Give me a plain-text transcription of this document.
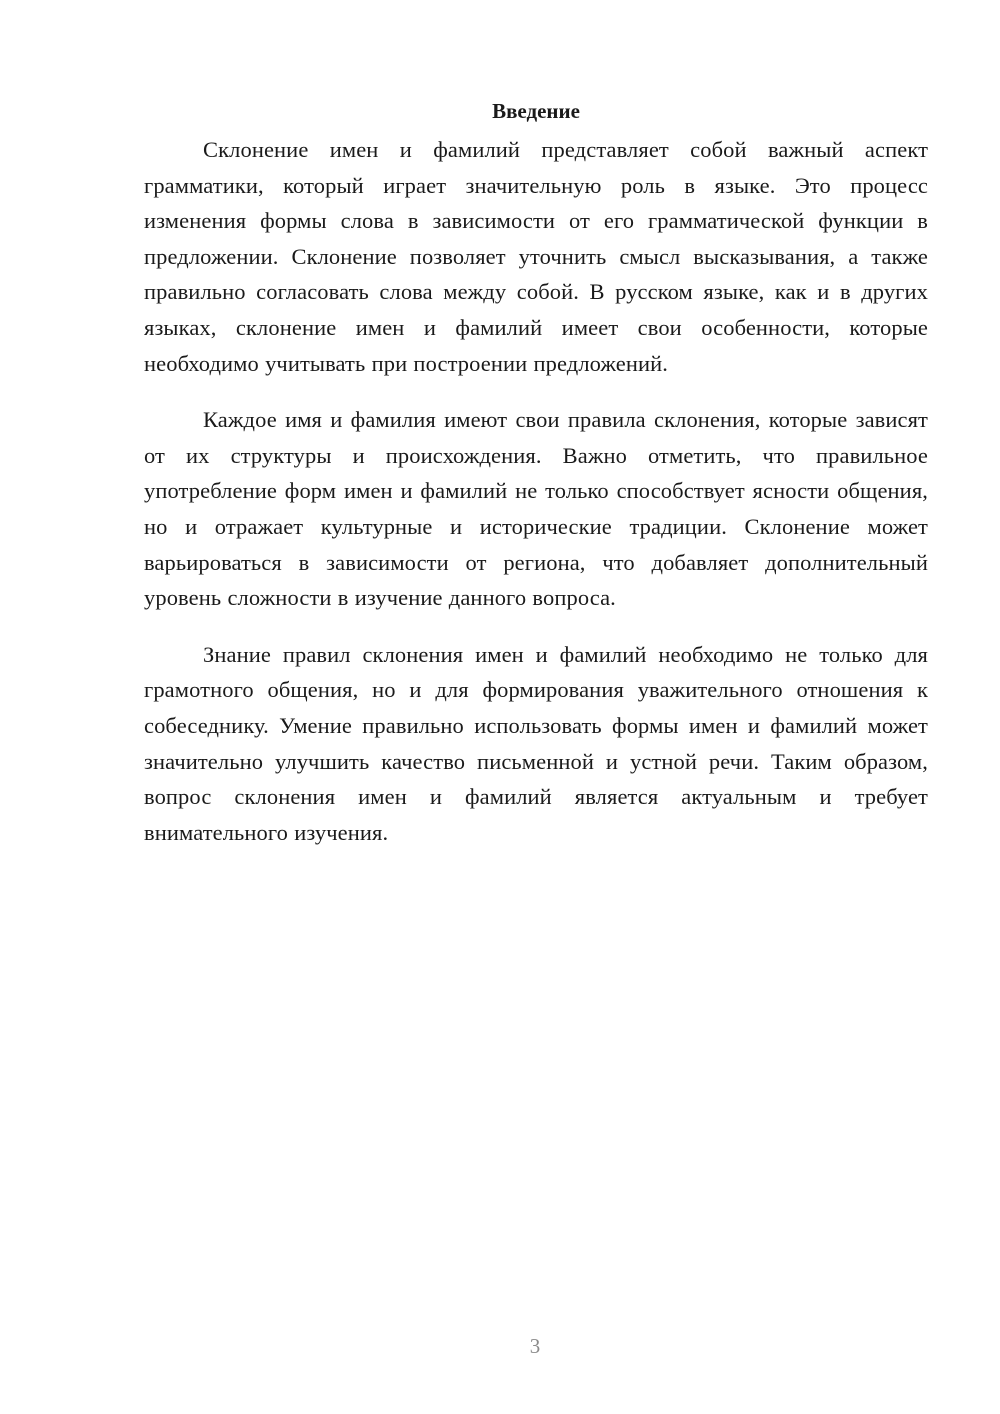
Введение

Склонение имен и фамилий представляет собой важный аспект грамматики, который играет значительную роль в языке. Это процесс изменения формы слова в зависимости от его грамматической функции в предложении. Склонение позволяет уточнить смысл высказывания, а также правильно согласовать слова между собой. В русском языке, как и в других языках, склонение имен и фамилий имеет свои особенности, которые необходимо учитывать при построении предложений.

Каждое имя и фамилия имеют свои правила склонения, которые зависят от их структуры и происхождения. Важно отметить, что правильное употребление форм имен и фамилий не только способствует ясности общения, но и отражает культурные и исторические традиции. Склонение может варьироваться в зависимости от региона, что добавляет дополнительный уровень сложности в изучение данного вопроса.

Знание правил склонения имен и фамилий необходимо не только для грамотного общения, но и для формирования уважительного отношения к собеседнику. Умение правильно использовать формы имен и фамилий может значительно улучшить качество письменной и устной речи. Таким образом, вопрос склонения имен и фамилий является актуальным и требует внимательного изучения.

3
